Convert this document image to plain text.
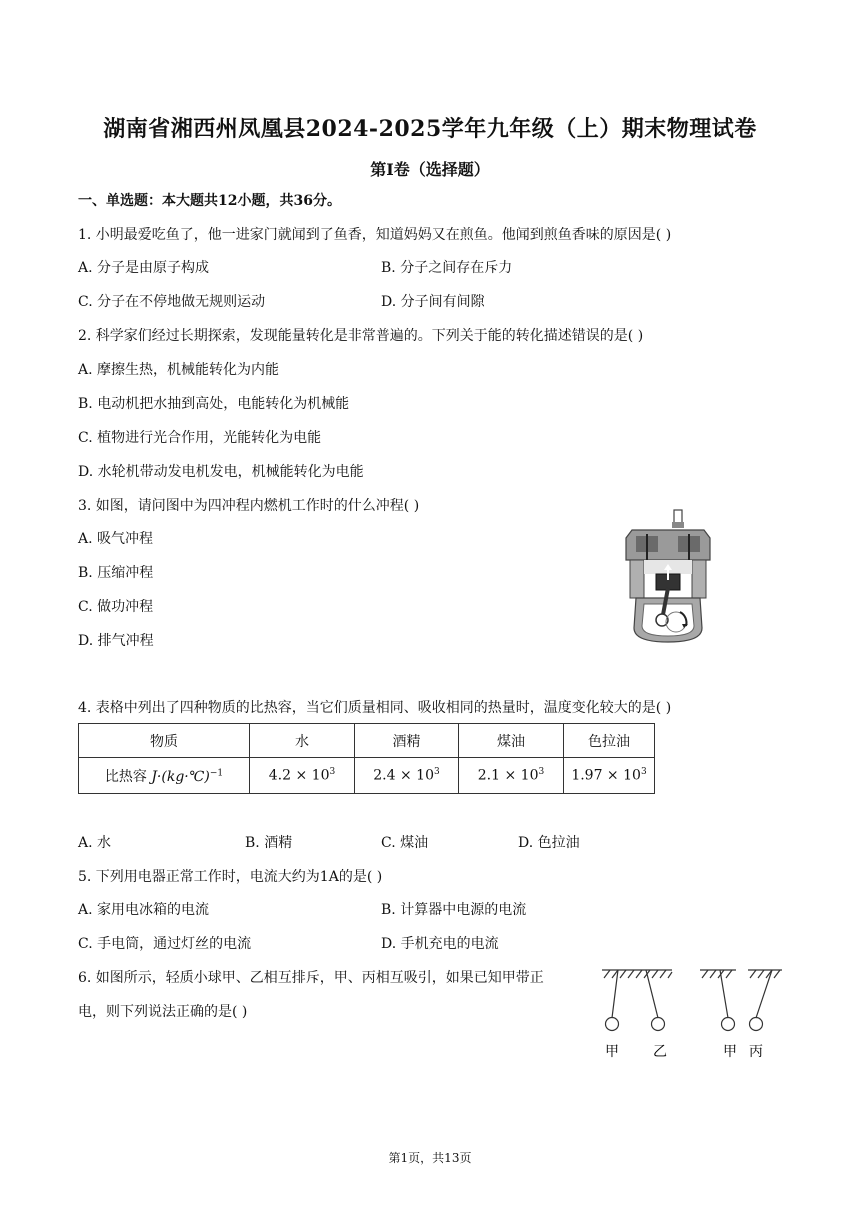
湖南省湘西州凤凰县2024-2025学年九年级（上）期末物理试卷
第I卷（选择题）
一、单选题：本大题共12小题，共36分。
1. 小明最爱吃鱼了，他一进家门就闻到了鱼香，知道妈妈又在煎鱼。他闻到煎鱼香味的原因是( )
A. 分子是由原子构成	B. 分子之间存在斥力
C. 分子在不停地做无规则运动	D. 分子间有间隙
2. 科学家们经过长期探索，发现能量转化是非常普遍的。下列关于能的转化描述错误的是( )
A. 摩擦生热，机械能转化为内能
B. 电动机把水抽到高处，电能转化为机械能
C. 植物进行光合作用，光能转化为电能
D. 水轮机带动发电机发电，机械能转化为电能
3. 如图，请问图中为四冲程内燃机工作时的什么冲程( )
A. 吸气冲程
B. 压缩冲程
C. 做功冲程
D. 排气冲程
4. 表格中列出了四种物质的比热容，当它们质量相同、吸收相同的热量时，温度变化较大的是( )
物质	水	酒精	煤油	色拉油
比热容 J·(kg·℃)$^{-1}$	$4.2 \times 10^3$	$2.4 \times 10^3$	$2.1 \times 10^3$	$1.97 \times 10^3$
A. 水	B. 酒精	C. 煤油	D. 色拉油
5. 下列用电器正常工作时，电流大约为1A的是( )
A. 家用电冰箱的电流	B. 计算器中电源的电流
C. 手电筒，通过灯丝的电流	D. 手机充电的电流
6. 如图所示，轻质小球甲、乙相互排斥，甲、丙相互吸引，如果已知甲带正
电，则下列说法正确的是( )
甲 乙	甲 丙
第1页，共13页
